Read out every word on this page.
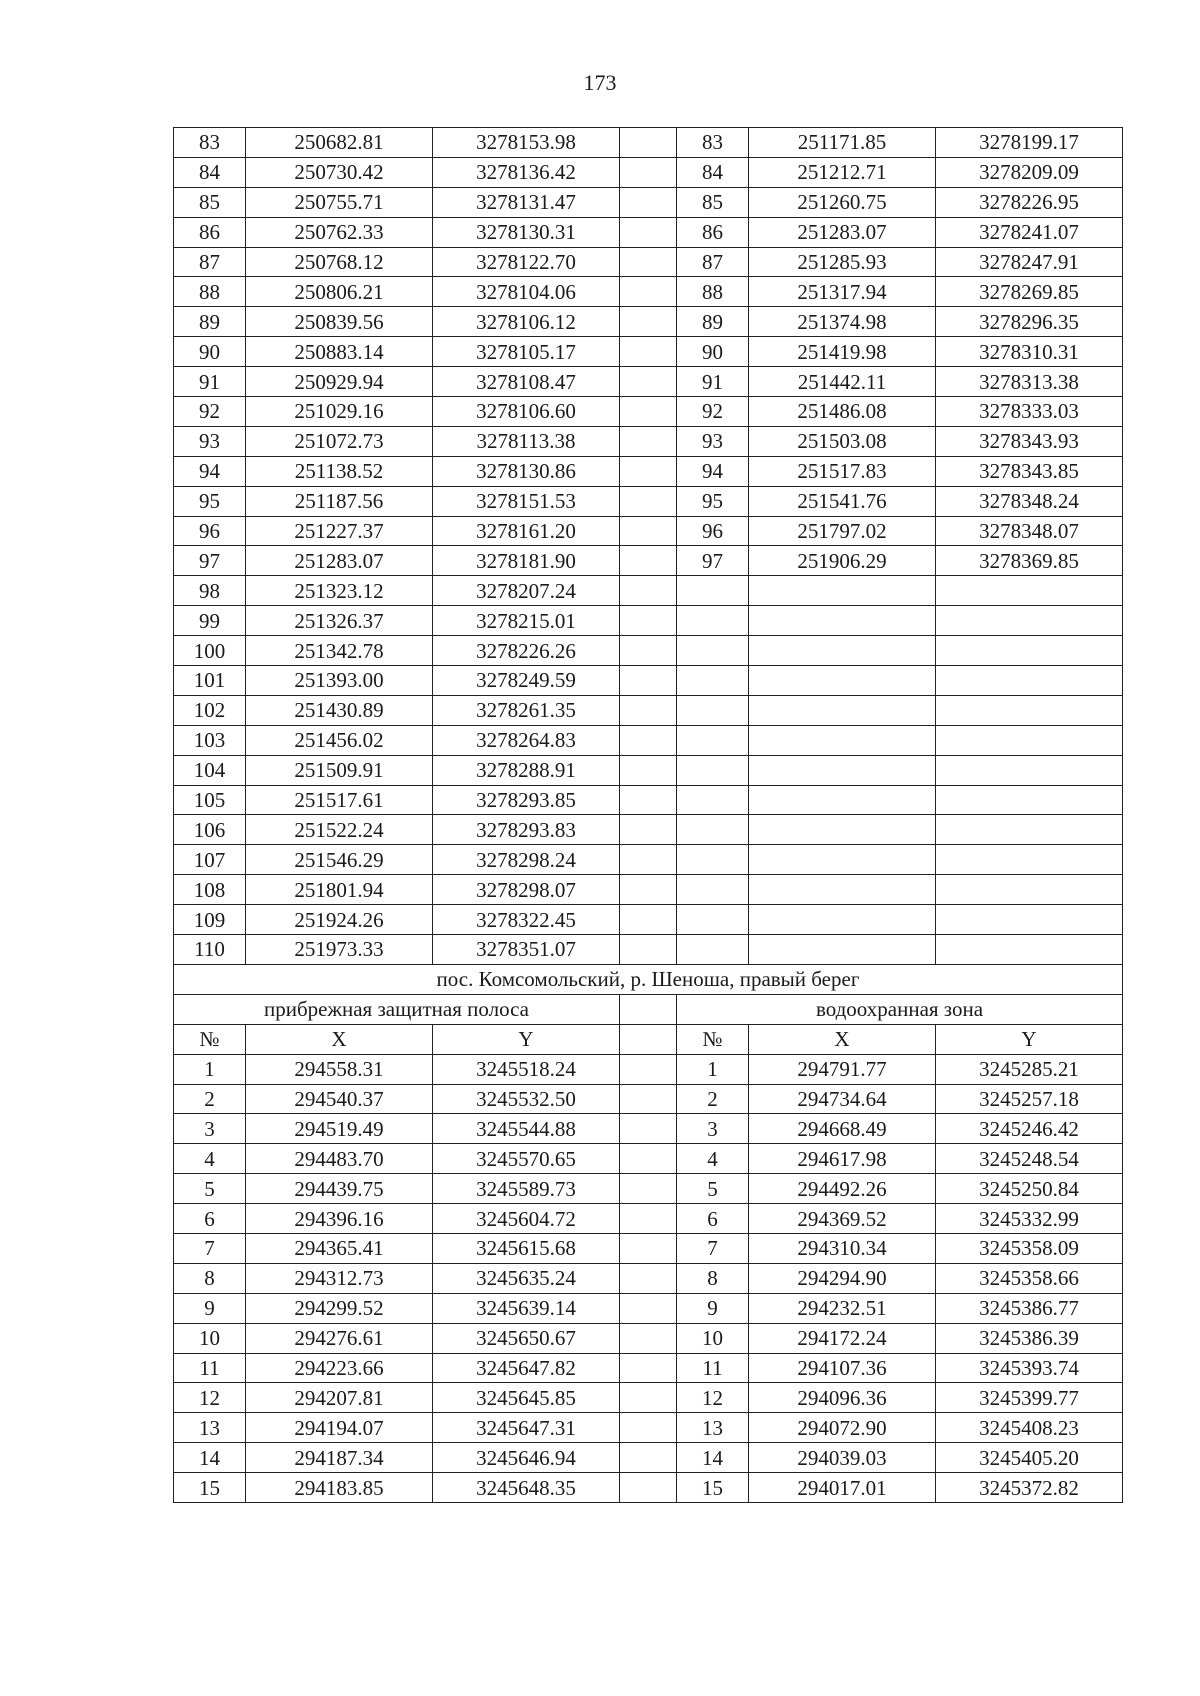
173
83	250682.81	3278153.98		83	251171.85	3278199.17
84	250730.42	3278136.42		84	251212.71	3278209.09
85	250755.71	3278131.47		85	251260.75	3278226.95
86	250762.33	3278130.31		86	251283.07	3278241.07
87	250768.12	3278122.70		87	251285.93	3278247.91
88	250806.21	3278104.06		88	251317.94	3278269.85
89	250839.56	3278106.12		89	251374.98	3278296.35
90	250883.14	3278105.17		90	251419.98	3278310.31
91	250929.94	3278108.47		91	251442.11	3278313.38
92	251029.16	3278106.60		92	251486.08	3278333.03
93	251072.73	3278113.38		93	251503.08	3278343.93
94	251138.52	3278130.86		94	251517.83	3278343.85
95	251187.56	3278151.53		95	251541.76	3278348.24
96	251227.37	3278161.20		96	251797.02	3278348.07
97	251283.07	3278181.90		97	251906.29	3278369.85
98	251323.12	3278207.24				
99	251326.37	3278215.01				
100	251342.78	3278226.26				
101	251393.00	3278249.59				
102	251430.89	3278261.35				
103	251456.02	3278264.83				
104	251509.91	3278288.91				
105	251517.61	3278293.85				
106	251522.24	3278293.83				
107	251546.29	3278298.24				
108	251801.94	3278298.07				
109	251924.26	3278322.45				
110	251973.33	3278351.07				
пос. Комсомольский, р. Шеноша, правый берег						
прибрежная защитная полоса				водоохранная зона		
№	X	Y		№	X	Y
1	294558.31	3245518.24		1	294791.77	3245285.21
2	294540.37	3245532.50		2	294734.64	3245257.18
3	294519.49	3245544.88		3	294668.49	3245246.42
4	294483.70	3245570.65		4	294617.98	3245248.54
5	294439.75	3245589.73		5	294492.26	3245250.84
6	294396.16	3245604.72		6	294369.52	3245332.99
7	294365.41	3245615.68		7	294310.34	3245358.09
8	294312.73	3245635.24		8	294294.90	3245358.66
9	294299.52	3245639.14		9	294232.51	3245386.77
10	294276.61	3245650.67		10	294172.24	3245386.39
11	294223.66	3245647.82		11	294107.36	3245393.74
12	294207.81	3245645.85		12	294096.36	3245399.77
13	294194.07	3245647.31		13	294072.90	3245408.23
14	294187.34	3245646.94		14	294039.03	3245405.20
15	294183.85	3245648.35		15	294017.01	3245372.82
